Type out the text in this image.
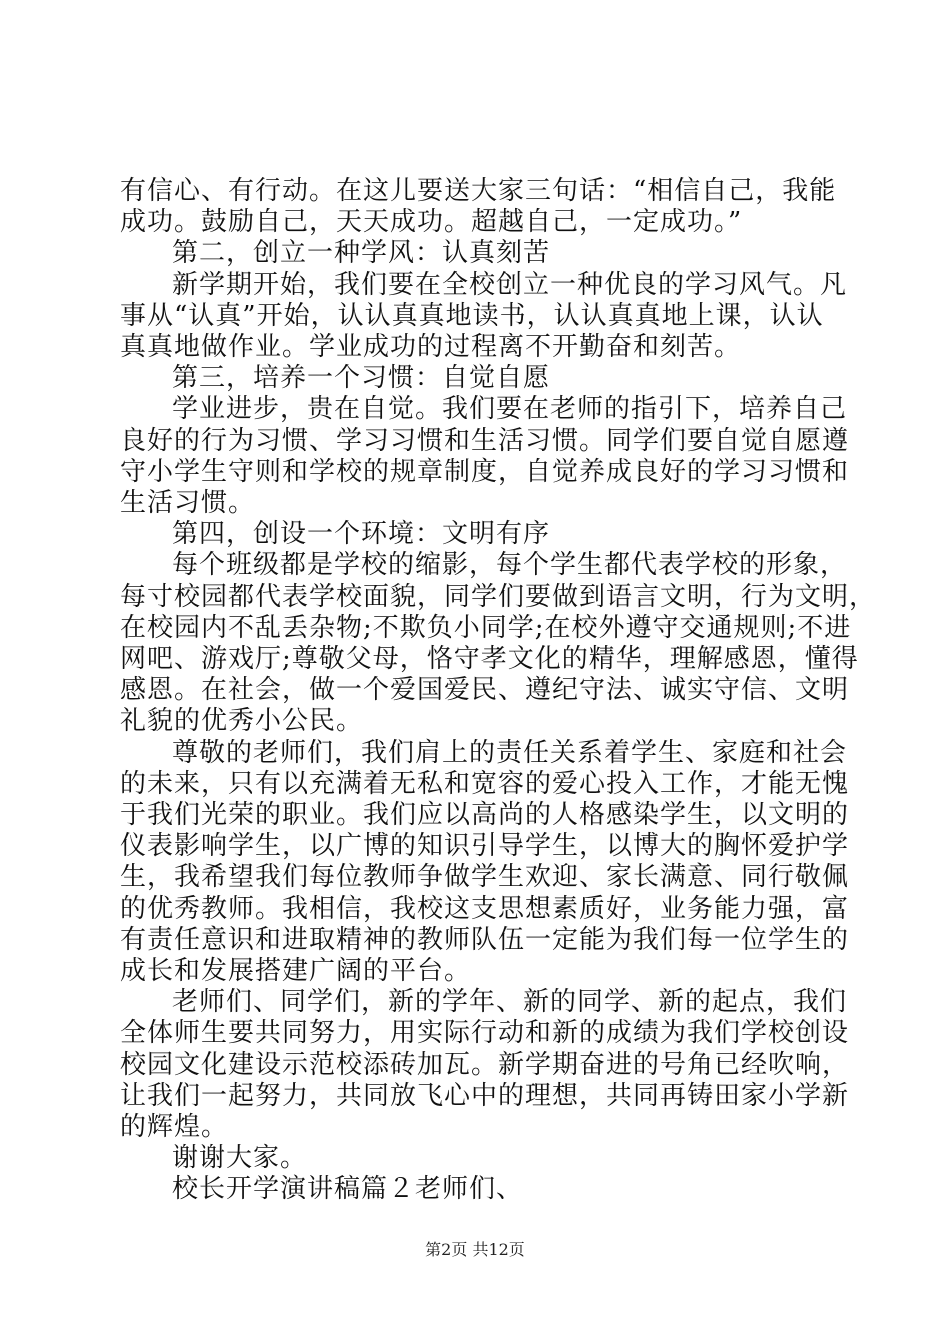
有信心、有行动。在这儿要送大家三句话：“相信自己，我能
成功。鼓励自己，天天成功。超越自己，一定成功。”
第二，创立一种学风：认真刻苦
新学期开始，我们要在全校创立一种优良的学习风气。凡
事从“认真”开始，认认真真地读书，认认真真地上课，认认
真真地做作业。学业成功的过程离不开勤奋和刻苦。
第三，培养一个习惯：自觉自愿
学业进步，贵在自觉。我们要在老师的指引下，培养自己
良好的行为习惯、学习习惯和生活习惯。同学们要自觉自愿遵
守小学生守则和学校的规章制度，自觉养成良好的学习习惯和
生活习惯。
第四，创设一个环境：文明有序
每个班级都是学校的缩影，每个学生都代表学校的形象，
每寸校园都代表学校面貌，同学们要做到语言文明，行为文明，
在校园内不乱丢杂物;不欺负小同学;在校外遵守交通规则;不进
网吧、游戏厅;尊敬父母，恪守孝文化的精华，理解感恩，懂得
感恩。在社会，做一个爱国爱民、遵纪守法、诚实守信、文明
礼貌的优秀小公民。
尊敬的老师们，我们肩上的责任关系着学生、家庭和社会
的未来，只有以充满着无私和宽容的爱心投入工作，才能无愧
于我们光荣的职业。我们应以高尚的人格感染学生，以文明的
仪表影响学生，以广博的知识引导学生，以博大的胸怀爱护学
生，我希望我们每位教师争做学生欢迎、家长满意、同行敬佩
的优秀教师。我相信，我校这支思想素质好，业务能力强，富
有责任意识和进取精神的教师队伍一定能为我们每一位学生的
成长和发展搭建广阔的平台。
老师们、同学们，新的学年、新的同学、新的起点，我们
全体师生要共同努力，用实际行动和新的成绩为我们学校创设
校园文化建设示范校添砖加瓦。新学期奋进的号角已经吹响，
让我们一起努力，共同放飞心中的理想，共同再铸田家小学新
的辉煌。
谢谢大家。
校长开学演讲稿篇２老师们、
第2页 共12页
